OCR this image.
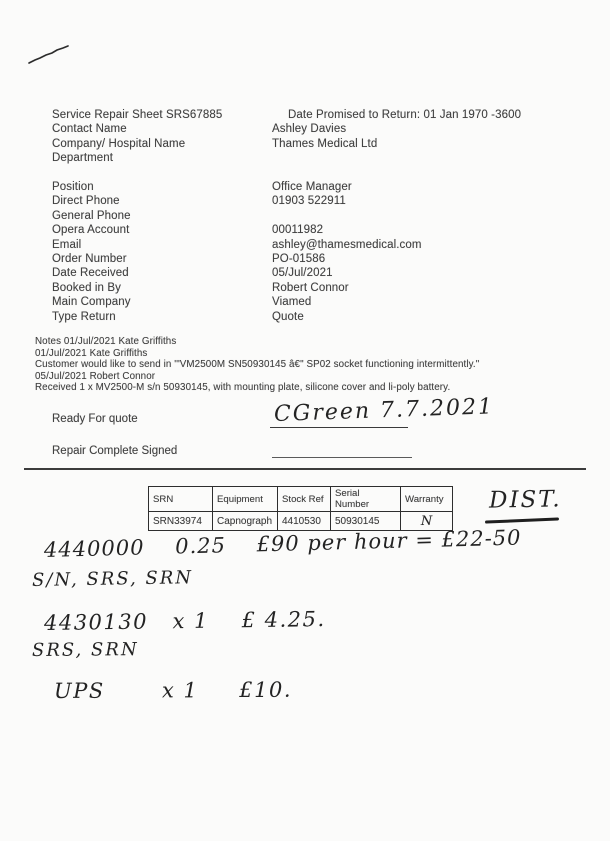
Service Repair Sheet SRS67885	Date Promised to Return: 01 Jan 1970 -3600
Contact Name	Ashley Davies
Company/ Hospital Name	Thames Medical Ltd
Department
Position	Office Manager
Direct Phone	01903 522911
General Phone
Opera Account	00011982
Email	ashley@thamesmedical.com
Order Number	PO-01586
Date Received	05/Jul/2021
Booked in By	Robert Connor
Main Company	Viamed
Type Return	Quote
Notes 01/Jul/2021 Kate Griffiths
01/Jul/2021 Kate Griffiths
Customer would like to send in '"VM2500M SN50930145 â€" SP02 socket functioning intermittently."
05/Jul/2021 Robert Connor
Received 1 x MV2500-M s/n 50930145, with mounting plate, silicone cover and li-poly battery.
Ready For quote	CGreen 7.7.2021
Repair Complete Signed
SRN	Equipment	Stock Ref	Serial Number	Warranty
SRN33974	Capnograph	4410530	50930145	N
DIST.
4440000    0.25    £90 per hour = £22-50
S/N, SRS, SRN
4430130   x 1    £ 4.25.
SRS, SRN
UPS       x 1     £10.
